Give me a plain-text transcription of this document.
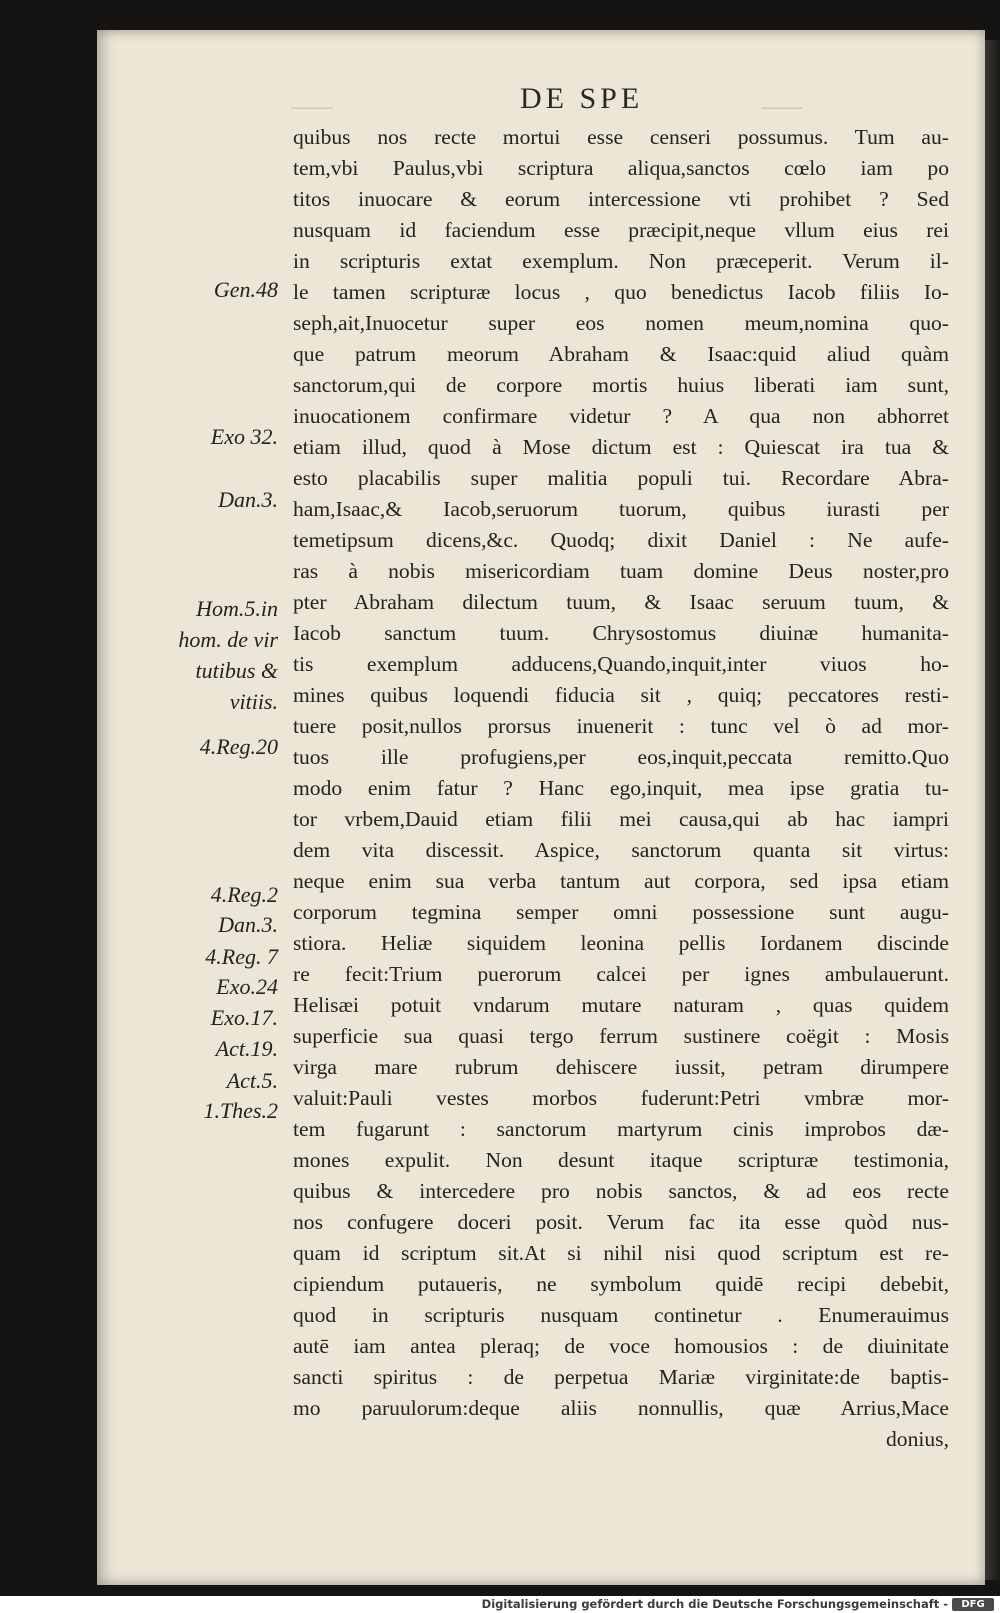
⸺	⸺
DE SPE
quibus nos recte mortui esse censeri possumus. Tum au-
tem,vbi Paulus,vbi scriptura aliqua,sanctos cœlo iam po
titos inuocare & eorum intercessione vti prohibet ? Sed
nusquam id faciendum esse præcipit,neque vllum eius rei
in scripturis extat exemplum. Non præceperit. Verum il-
le tamen scripturæ locus , quo benedictus Iacob filiis Io-
seph,ait,Inuocetur super eos nomen meum,nomina quo-
que patrum meorum Abraham & Isaac:quid aliud quàm
sanctorum,qui de corpore mortis huius liberati iam sunt,
inuocationem confirmare videtur ? A qua non abhorret
etiam illud, quod à Mose dictum est : Quiescat ira tua &
esto placabilis super malitia populi tui. Recordare Abra-
ham,Isaac,& Iacob,seruorum tuorum, quibus iurasti per
temetipsum dicens,&c. Quodq; dixit Daniel : Ne aufe-
ras à nobis misericordiam tuam domine Deus noster,pro
pter Abraham dilectum tuum, & Isaac seruum tuum, &
Iacob sanctum tuum. Chrysostomus diuinæ humanita-
tis exemplum adducens,Quando,inquit,inter viuos ho-
mines quibus loquendi fiducia sit , quiq; peccatores resti-
tuere posit,nullos prorsus inuenerit : tunc vel ò ad mor-
tuos ille profugiens,per eos,inquit,peccata remitto.Quo
modo enim fatur ? Hanc ego,inquit, mea ipse gratia tu-
tor vrbem,Dauid etiam filii mei causa,qui ab hac iampri
dem vita discessit. Aspice, sanctorum quanta sit virtus:
neque enim sua verba tantum aut corpora, sed ipsa etiam
corporum tegmina semper omni possessione sunt augu-
stiora. Heliæ siquidem leonina pellis Iordanem discinde
re fecit:Trium puerorum calcei per ignes ambulauerunt.
Helisæi potuit vndarum mutare naturam , quas quidem
superficie sua quasi tergo ferrum sustinere coëgit : Mosis
virga mare rubrum dehiscere iussit, petram dirumpere
valuit:Pauli vestes morbos fuderunt:Petri vmbræ mor-
tem fugarunt : sanctorum martyrum cinis improbos dæ-
mones expulit. Non desunt itaque scripturæ testimonia,
quibus & intercedere pro nobis sanctos, & ad eos recte
nos confugere doceri posit. Verum fac ita esse quòd nus-
quam id scriptum sit.At si nihil nisi quod scriptum est re-
cipiendum putaueris, ne symbolum quidē recipi debebit,
quod in scripturis nusquam continetur . Enumerauimus
autē iam antea pleraq; de voce homousios : de diuinitate
sancti spiritus : de perpetua Mariæ virginitate:de baptis-
mo paruulorum:deque aliis nonnullis, quæ Arrius,Mace
donius,
Gen.48
Exo 32.
Dan.3.
Hom.5.in
hom. de vir
tutibus &
vitiis.
4.Reg.20
4.Reg.2
Dan.3.
4.Reg. 7
Exo.24
Exo.17.
Act.19.
Act.5.
1.Thes.2
Digitalisierung gefördert durch die Deutsche Forschungsgemeinschaft -	DFG
